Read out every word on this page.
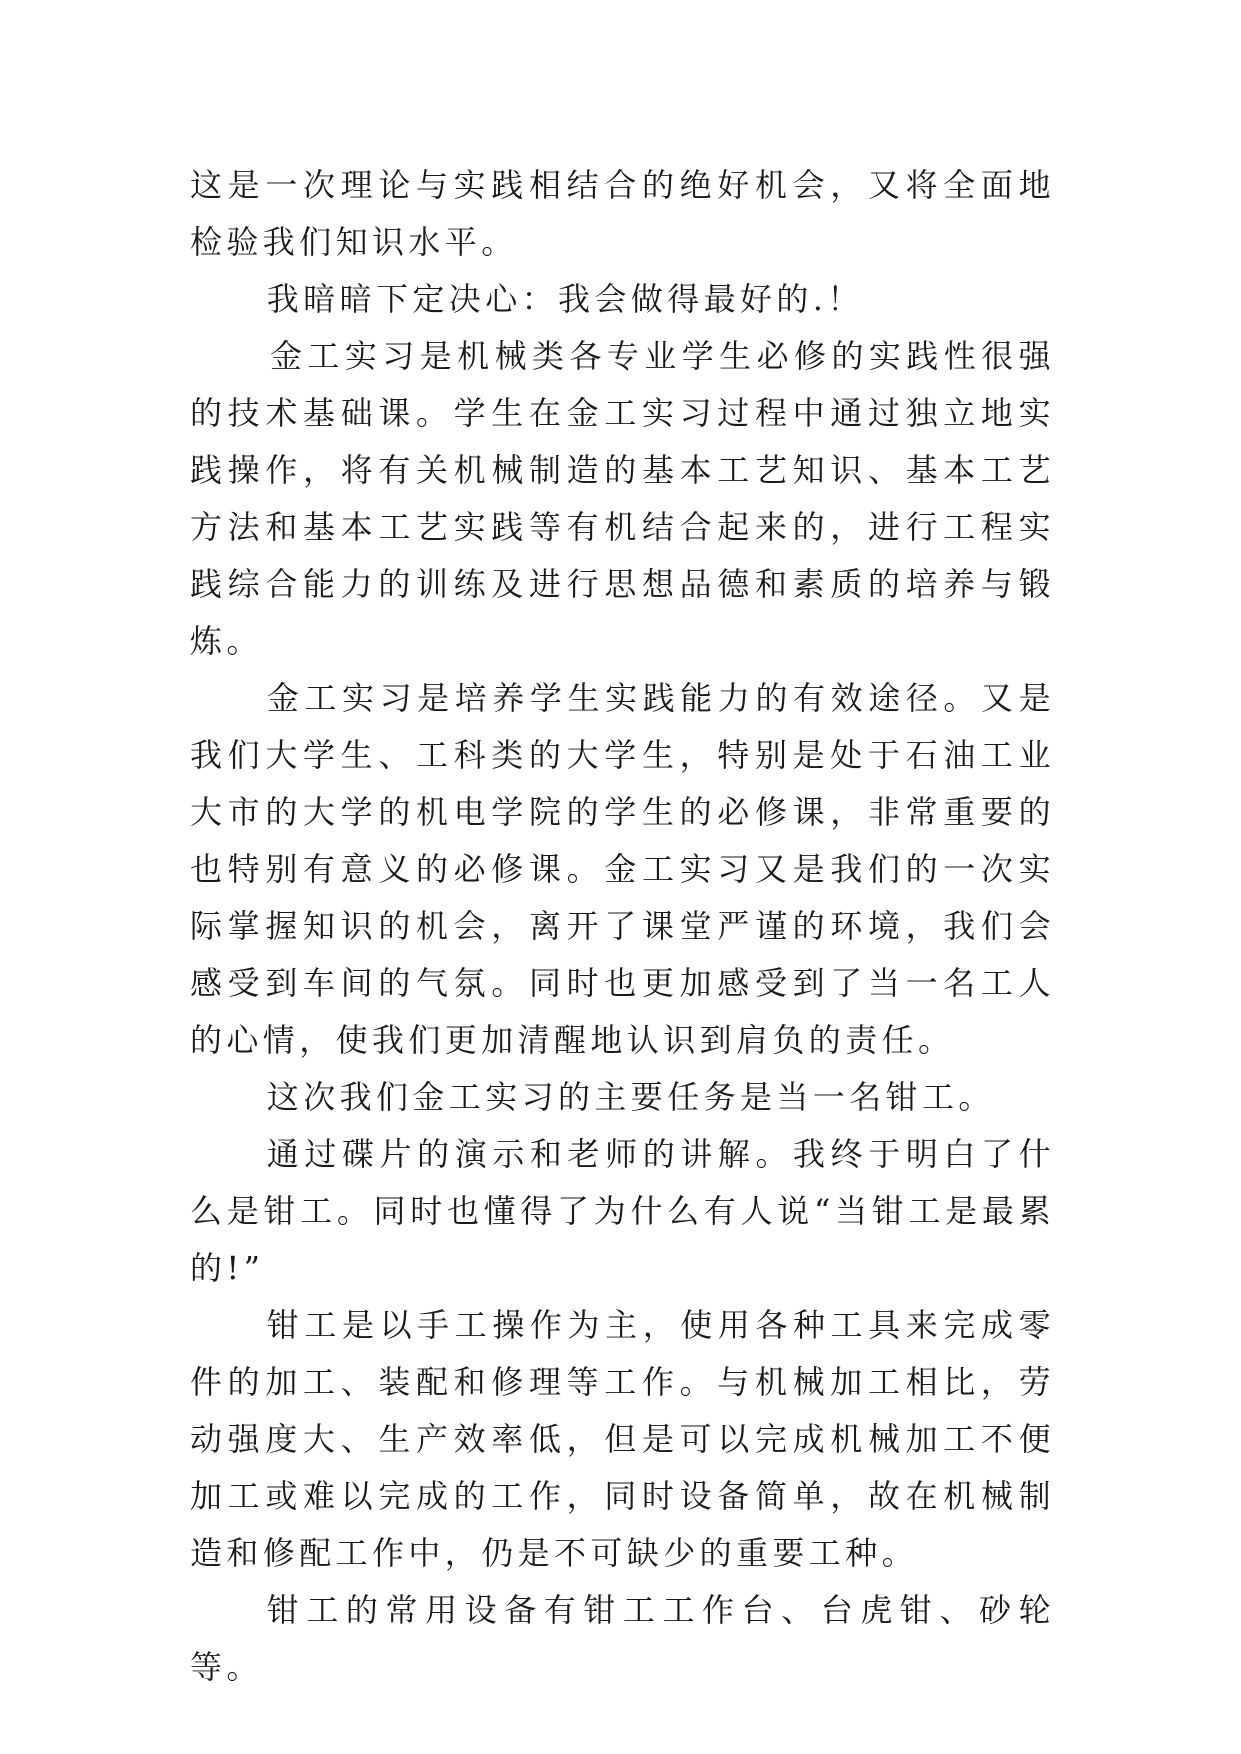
这是一次理论与实践相结合的绝好机会，又将全面地检验我们知识水平。

我暗暗下定决心：我会做得最好的.！

金工实习是机械类各专业学生必修的实践性很强的技术基础课。学生在金工实习过程中通过独立地实践操作，将有关机械制造的基本工艺知识、基本工艺方法和基本工艺实践等有机结合起来的，进行工程实践综合能力的训练及进行思想品德和素质的培养与锻炼。

金工实习是培养学生实践能力的有效途径。又是我们大学生、工科类的大学生，特别是处于石油工业大市的大学的机电学院的学生的必修课，非常重要的也特别有意义的必修课。金工实习又是我们的一次实际掌握知识的机会，离开了课堂严谨的环境，我们会感受到车间的气氛。同时也更加感受到了当一名工人的心情，使我们更加清醒地认识到肩负的责任。

这次我们金工实习的主要任务是当一名钳工。

通过碟片的演示和老师的讲解。我终于明白了什么是钳工。同时也懂得了为什么有人说“当钳工是最累的!”

钳工是以手工操作为主，使用各种工具来完成零件的加工、装配和修理等工作。与机械加工相比，劳动强度大、生产效率低，但是可以完成机械加工不便加工或难以完成的工作，同时设备简单，故在机械制造和修配工作中，仍是不可缺少的重要工种。

钳工的常用设备有钳工工作台、台虎钳、砂轮等。
